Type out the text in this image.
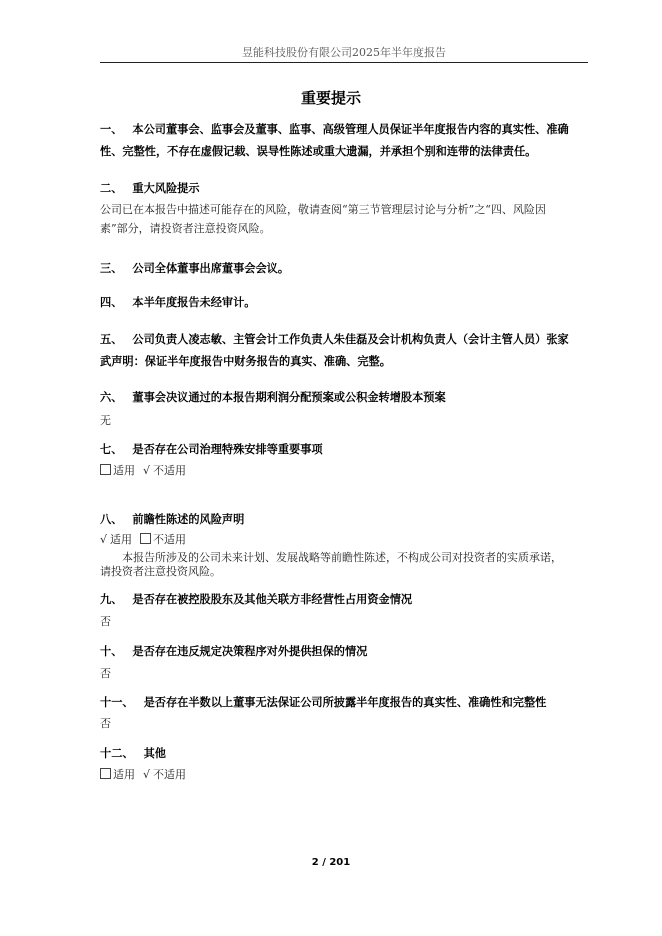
昱能科技股份有限公司2025年半年度报告
重要提示
一、 本公司董事会、监事会及董事、监事、高级管理人员保证半年度报告内容的真实性、准确
性、完整性，不存在虚假记载、误导性陈述或重大遗漏，并承担个别和连带的法律责任。
二、 重大风险提示
公司已在本报告中描述可能存在的风险，敬请查阅“第三节管理层讨论与分析”之“四、风险因
素”部分，请投资者注意投资风险。
三、 公司全体董事出席董事会会议。
四、 本半年度报告未经审计。
五、 公司负责人凌志敏、主管会计工作负责人朱佳磊及会计机构负责人（会计主管人员）张家
武声明：保证半年度报告中财务报告的真实、准确、完整。
六、 董事会决议通过的本报告期利润分配预案或公积金转增股本预案
无
七、 是否存在公司治理特殊安排等重要事项
适用 √ 不适用
八、 前瞻性陈述的风险声明
√ 适用 不适用
本报告所涉及的公司未来计划、发展战略等前瞻性陈述，不构成公司对投资者的实质承诺，
请投资者注意投资风险。
九、 是否存在被控股股东及其他关联方非经营性占用资金情况
否
十、 是否存在违反规定决策程序对外提供担保的情况
否
十一、 是否存在半数以上董事无法保证公司所披露半年度报告的真实性、准确性和完整性
否
十二、 其他
适用 √ 不适用
2 / 201
